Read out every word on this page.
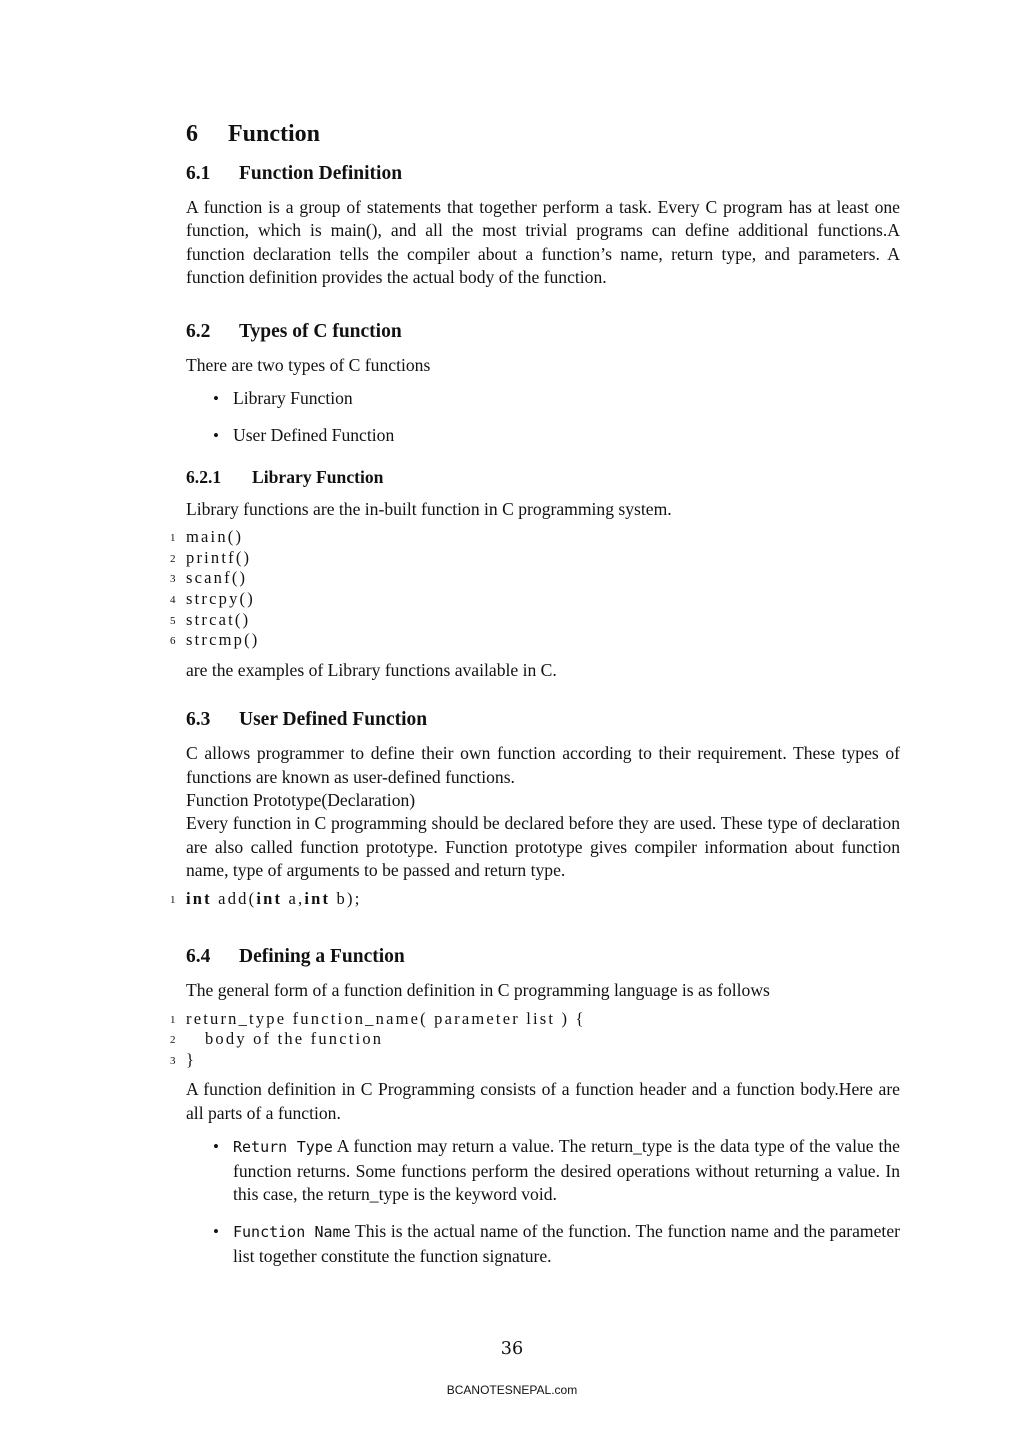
6 Function
6.1 Function Definition

A function is a group of statements that together perform a task. Every C program has at least one function, which is main(), and all the most trivial programs can define additional functions.A function declaration tells the compiler about a function’s name, return type, and parameters. A function definition provides the actual body of the function.

6.2 Types of C function

There are two types of C functions

• Library Function
• User Defined Function
6.2.1 Library Function

Library functions are the in-built function in C programming system.

1 main()
2 printf()
3 scanf()
4 strcpy()
5 strcat()
6 strcmp()

are the examples of Library functions available in C.

6.3 User Defined Function

C allows programmer to define their own function according to their requirement. These types of functions are known as user-defined functions.

Function Prototype(Declaration)

Every function in C programming should be declared before they are used. These type of declaration are also called function prototype. Function prototype gives compiler information about function name, type of arguments to be passed and return type.

1 int add(int a,int b);
6.4 Defining a Function

The general form of a function definition in C programming language is as follows

1 return_type function_name( parameter list ) {
2 body of the function
3 }

A function definition in C Programming consists of a function header and a function body.Here are all parts of a function.

• Return Type A function may return a value. The return_type is the data type of the value the function returns. Some functions perform the desired operations without returning a value. In this case, the return_type is the keyword void.
• Function Name This is the actual name of the function. The function name and the parameter list together constitute the function signature.
36
BCANOTESNEPAL.com
